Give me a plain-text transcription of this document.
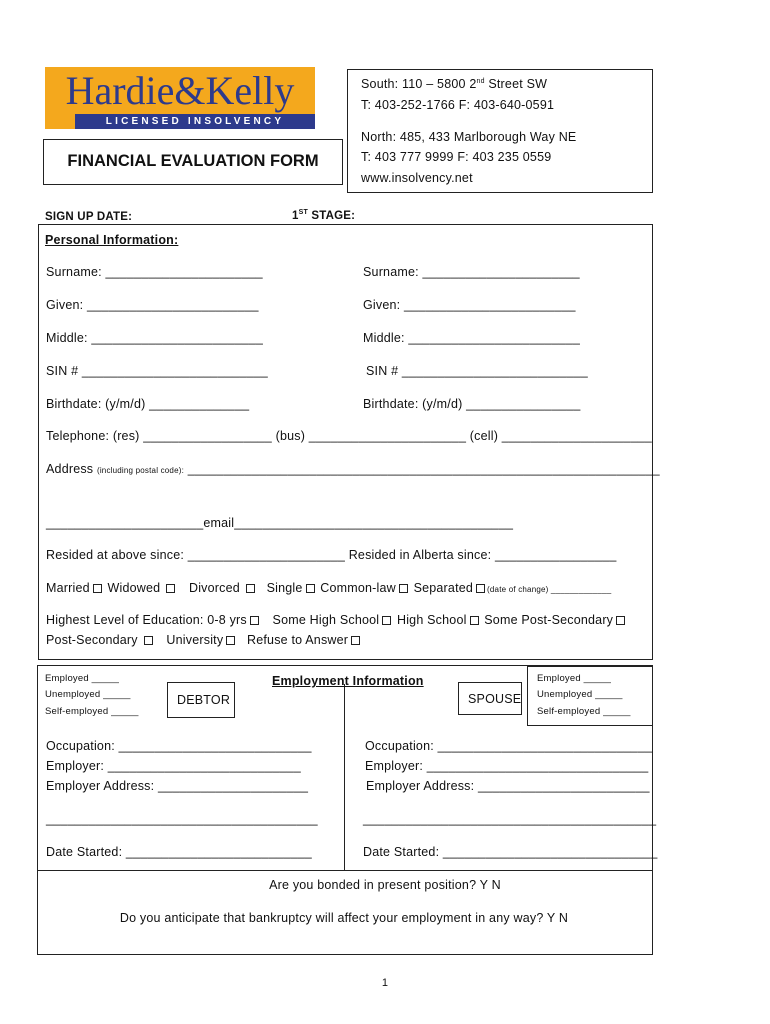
Hardie&Kelly
LICENSED INSOLVENCY TRUSTEE
FINANCIAL EVALUATION FORM
South: 110 – 5800 2nd Street SW
T: 403-252-1766 F: 403-640-0591
North: 485, 433 Marlborough Way NE
T: 403 777 9999 F: 403 235 0559
www.insolvency.net
SIGN UP DATE:	1ST STAGE:
Personal Information:
Surname: ______________________	Surname: ______________________
Given: ________________________	Given: ________________________
Middle: ________________________	Middle: ________________________
SIN # __________________________	SIN # __________________________
Birthdate: (y/m/d) ______________	Birthdate: (y/m/d) ________________
Telephone: (res) __________________ (bus) ______________________ (cell) _____________________
Address (including postal code): __________________________________________________________________
______________________email_______________________________________
Resided at above since: ______________________ Resided in Alberta since: _________________
Married Widowed Divorced Single Common-law Separated (date of change) _____________
Highest Level of Education: 0-8 yrs Some High School High School Some Post-Secondary
Post-Secondary University Refuse to Answer
Employed _____
Unemployed _____
Self-employed _____
DEBTOR
Employment Information
SPOUSE
Employed _____
Unemployed _____
Self-employed _____
Occupation: ___________________________	Occupation: ______________________________
Employer: ___________________________	Employer: _______________________________
Employer Address: _____________________	Employer Address: ________________________
______________________________________	_________________________________________
Date Started: __________________________	Date Started: ______________________________
Are you bonded in present position? Y N
Do you anticipate that bankruptcy will affect your employment in any way? Y N
1
